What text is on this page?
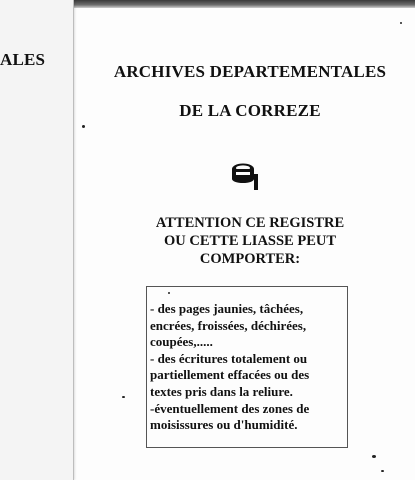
ALES
ARCHIVES DEPARTEMENTALES
DE LA CORREZE
ATTENTION CE REGISTRE
OU CETTE LIASSE PEUT
COMPORTER:
- des pages jaunies, tâchées,
encrées, froissées, déchirées,
coupées,.....
- des écritures totalement ou
partiellement effacées ou des
textes pris dans la reliure.
-éventuellement des zones de
moisissures ou d'humidité.
